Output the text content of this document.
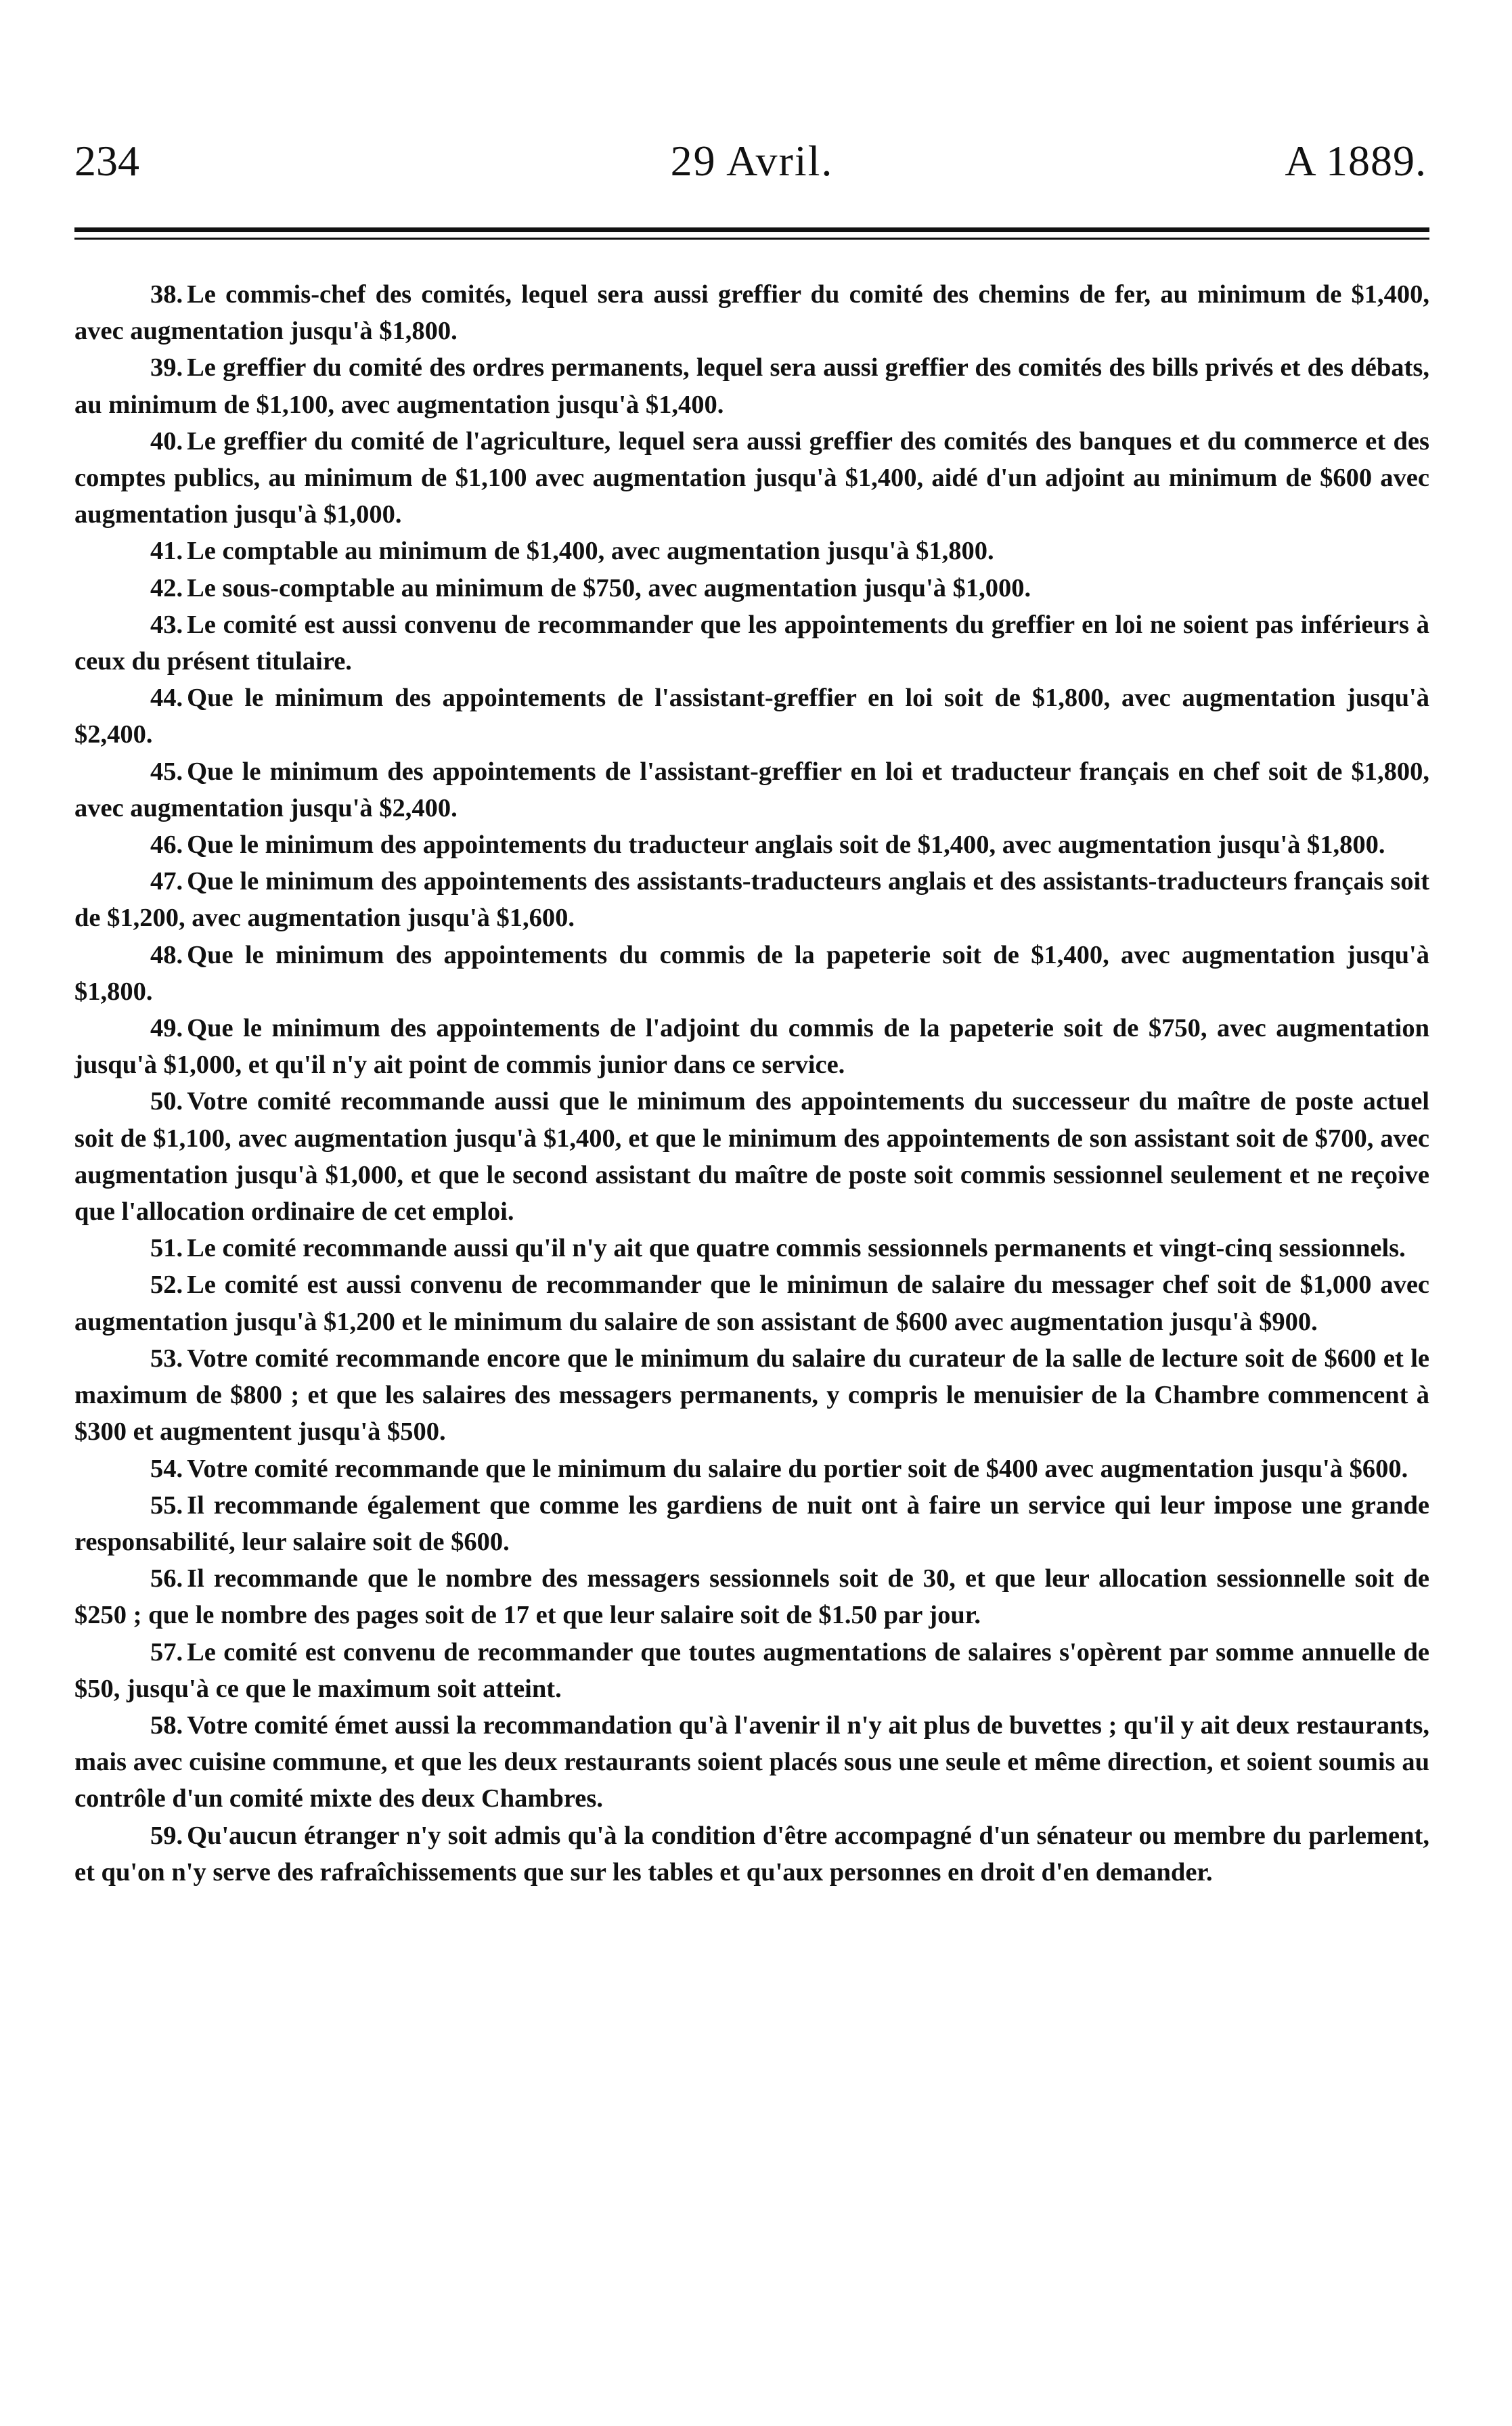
234	29 Avril.	A 1889.

38. Le commis-chef des comités, lequel sera aussi greffier du comité des chemins de fer, au minimum de $1,400, avec augmentation jusqu'à $1,800.

39. Le greffier du comité des ordres permanents, lequel sera aussi greffier des comités des bills privés et des débats, au minimum de $1,100, avec augmentation jusqu'à $1,400.

40. Le greffier du comité de l'agriculture, lequel sera aussi greffier des comités des banques et du commerce et des comptes publics, au minimum de $1,100 avec augmentation jusqu'à $1,400, aidé d'un adjoint au minimum de $600 avec augmentation jusqu'à $1,000.

41. Le comptable au minimum de $1,400, avec augmentation jusqu'à $1,800.

42. Le sous-comptable au minimum de $750, avec augmentation jusqu'à $1,000.

43. Le comité est aussi convenu de recommander que les appointements du greffier en loi ne soient pas inférieurs à ceux du présent titulaire.

44. Que le minimum des appointements de l'assistant-greffier en loi soit de $1,800, avec augmentation jusqu'à $2,400.

45. Que le minimum des appointements de l'assistant-greffier en loi et traducteur français en chef soit de $1,800, avec augmentation jusqu'à $2,400.

46. Que le minimum des appointements du traducteur anglais soit de $1,400, avec augmentation jusqu'à $1,800.

47. Que le minimum des appointements des assistants-traducteurs anglais et des assistants-traducteurs français soit de $1,200, avec augmentation jusqu'à $1,600.

48. Que le minimum des appointements du commis de la papeterie soit de $1,400, avec augmentation jusqu'à $1,800.

49. Que le minimum des appointements de l'adjoint du commis de la papeterie soit de $750, avec augmentation jusqu'à $1,000, et qu'il n'y ait point de commis junior dans ce service.

50. Votre comité recommande aussi que le minimum des appointements du successeur du maître de poste actuel soit de $1,100, avec augmentation jusqu'à $1,400, et que le minimum des appointements de son assistant soit de $700, avec augmentation jusqu'à $1,000, et que le second assistant du maître de poste soit commis sessionnel seulement et ne reçoive que l'allocation ordinaire de cet emploi.

51. Le comité recommande aussi qu'il n'y ait que quatre commis sessionnels permanents et vingt-cinq sessionnels.

52. Le comité est aussi convenu de recommander que le minimun de salaire du messager chef soit de $1,000 avec augmentation jusqu'à $1,200 et le minimum du salaire de son assistant de $600 avec augmentation jusqu'à $900.

53. Votre comité recommande encore que le minimum du salaire du curateur de la salle de lecture soit de $600 et le maximum de $800 ; et que les salaires des messagers permanents, y compris le menuisier de la Chambre commencent à $300 et augmentent jusqu'à $500.

54. Votre comité recommande que le minimum du salaire du portier soit de $400 avec augmentation jusqu'à $600.

55. Il recommande également que comme les gardiens de nuit ont à faire un service qui leur impose une grande responsabilité, leur salaire soit de $600.

56. Il recommande que le nombre des messagers sessionnels soit de 30, et que leur allocation sessionnelle soit de $250 ; que le nombre des pages soit de 17 et que leur salaire soit de $1.50 par jour.

57. Le comité est convenu de recommander que toutes augmentations de salaires s'opèrent par somme annuelle de $50, jusqu'à ce que le maximum soit atteint.

58. Votre comité émet aussi la recommandation qu'à l'avenir il n'y ait plus de buvettes ; qu'il y ait deux restaurants, mais avec cuisine commune, et que les deux restaurants soient placés sous une seule et même direction, et soient soumis au contrôle d'un comité mixte des deux Chambres.

59. Qu'aucun étranger n'y soit admis qu'à la condition d'être accompagné d'un sénateur ou membre du parlement, et qu'on n'y serve des rafraîchissements que sur les tables et qu'aux personnes en droit d'en demander.
